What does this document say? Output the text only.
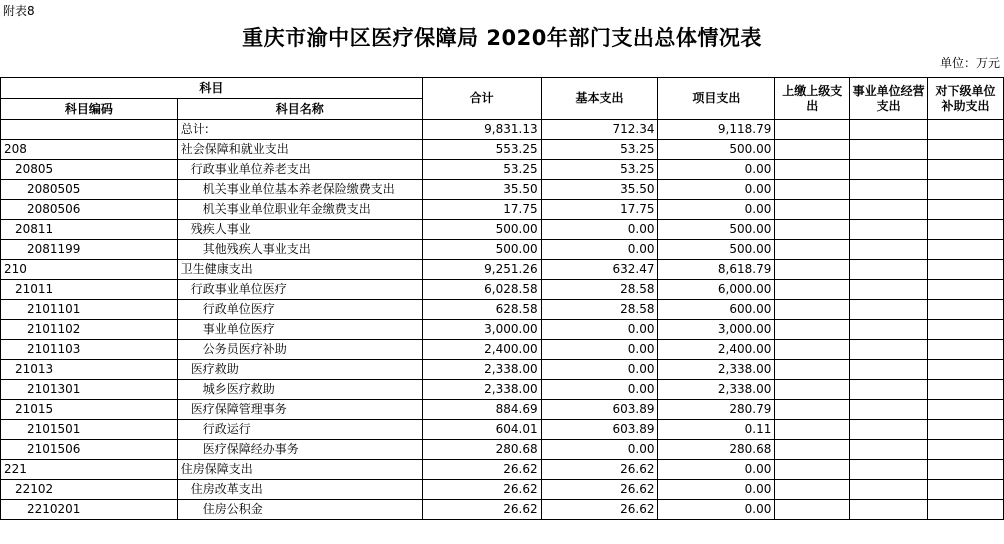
附表8
重庆市渝中区医疗保障局 2020年部门支出总体情况表
单位：万元
科目		合计	基本支出	项目支出	上缴上级支出	事业单位经营支出	对下级单位补助支出
科目编码	科目名称						
	总计:	9,831.13	712.34	9,118.79			
208	社会保障和就业支出	553.25	53.25	500.00			
20805	行政事业单位养老支出	53.25	53.25	0.00			
2080505	机关事业单位基本养老保险缴费支出	35.50	35.50	0.00			
2080506	机关事业单位职业年金缴费支出	17.75	17.75	0.00			
20811	残疾人事业	500.00	0.00	500.00			
2081199	其他残疾人事业支出	500.00	0.00	500.00			
210	卫生健康支出	9,251.26	632.47	8,618.79			
21011	行政事业单位医疗	6,028.58	28.58	6,000.00			
2101101	行政单位医疗	628.58	28.58	600.00			
2101102	事业单位医疗	3,000.00	0.00	3,000.00			
2101103	公务员医疗补助	2,400.00	0.00	2,400.00			
21013	医疗救助	2,338.00	0.00	2,338.00			
2101301	城乡医疗救助	2,338.00	0.00	2,338.00			
21015	医疗保障管理事务	884.69	603.89	280.79			
2101501	行政运行	604.01	603.89	0.11			
2101506	医疗保障经办事务	280.68	0.00	280.68			
221	住房保障支出	26.62	26.62	0.00			
22102	住房改革支出	26.62	26.62	0.00			
2210201	住房公积金	26.62	26.62	0.00			
